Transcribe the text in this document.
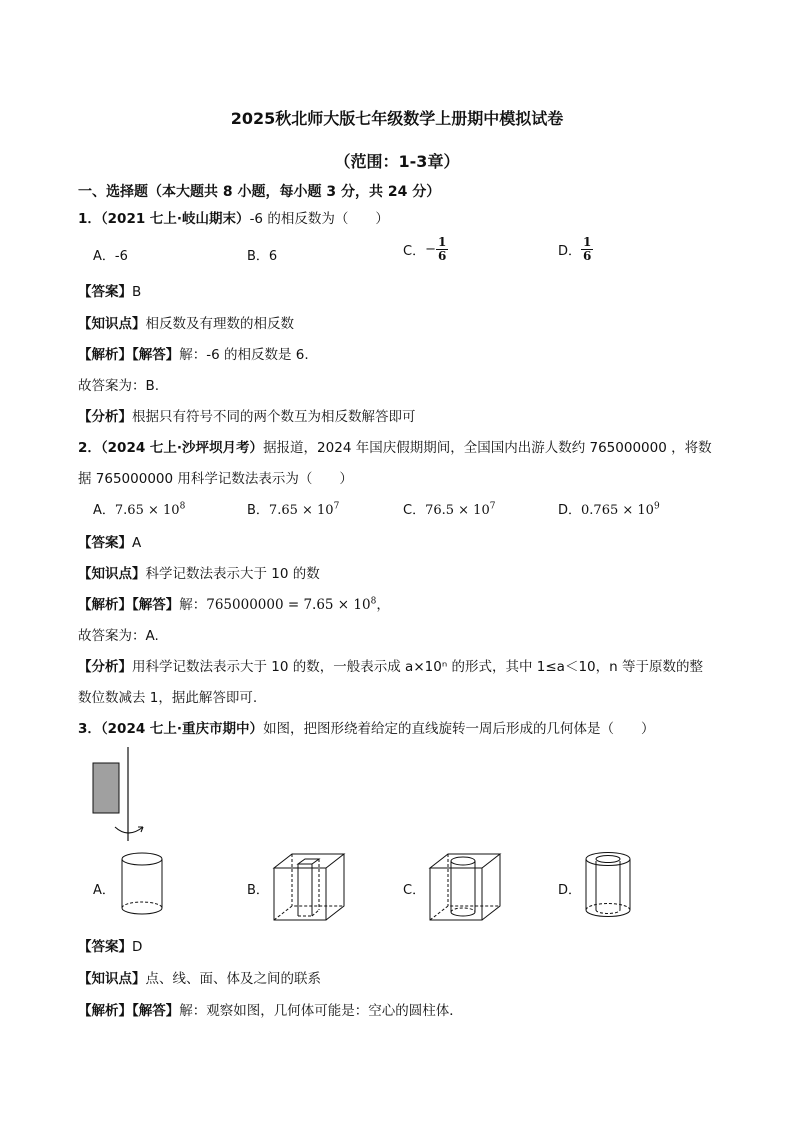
2025秋北师大版七年级数学上册期中模拟试卷
（范围：1-3章）
一、选择题（本大题共 8 小题，每小题 3 分，共 24 分）
1．（2021 七上·岐山期末）-6 的相反数为（　　）
A．-6	B．6	C．− $\frac{1}{6}$	D． $\frac{1}{6}$
【答案】B
【知识点】相反数及有理数的相反数
【解析】【解答】解：-6 的相反数是 6.
故答案为：B.
【分析】根据只有符号不同的两个数互为相反数解答即可
2．（2024 七上·沙坪坝月考）据报道，2024 年国庆假期期间，全国国内出游人数约 765000000 ，将数
据 765000000 用科学记数法表示为（　　）
A．$7.65 \times 10^8$	B．$7.65 \times 10^7$	C．$76.5 \times 10^7$	D．$0.765 \times 10^9$
【答案】A
【知识点】科学记数法表示大于 10 的数
【解析】【解答】解：$765000000 = 7.65 \times 10^8$，
故答案为：A.
【分析】用科学记数法表示大于 10 的数，一般表示成 a×10ⁿ 的形式，其中 1≤a＜10，n 等于原数的整
数位数减去 1，据此解答即可.
3．（2024 七上·重庆市期中）如图，把图形绕着给定的直线旋转一周后形成的几何体是（　　）
A．	B．	C．	D．
【答案】D
【知识点】点、线、面、体及之间的联系
【解析】【解答】解：观察如图，几何体可能是：空心的圆柱体．
